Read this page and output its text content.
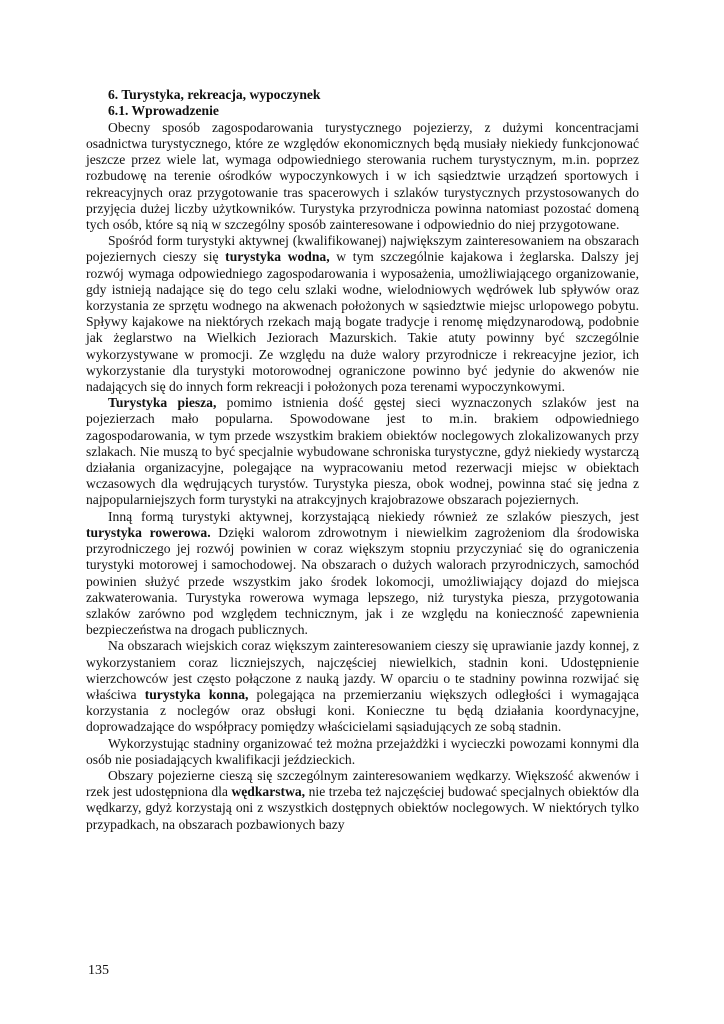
6. Turystyka, rekreacja, wypoczynek
6.1. Wprowadzenie

Obecny sposób zagospodarowania turystycznego pojezierzy, z dużymi koncentracjami osadnictwa turystycznego, które ze względów ekonomicznych będą musiały niekiedy funkcjonować jeszcze przez wiele lat, wymaga odpowiedniego sterowania ruchem turystycznym, m.in. poprzez rozbudowę na terenie ośrodków wypoczynkowych i w ich sąsiedztwie urządzeń sportowych i rekreacyjnych oraz przygotowanie tras spacerowych i szlaków turystycznych przystosowanych do przyjęcia dużej liczby użytkowników. Turystyka przyrodnicza powinna natomiast pozostać domeną tych osób, które są nią w szczególny sposób zainteresowane i odpowiednio do niej przygotowane.

Spośród form turystyki aktywnej (kwalifikowanej) największym zainteresowaniem na obszarach pojeziernych cieszy się turystyka wodna, w tym szczególnie kajakowa i żeglarska. Dalszy jej rozwój wymaga odpowiedniego zagospodarowania i wyposażenia, umożliwiającego organizowanie, gdy istnieją nadające się do tego celu szlaki wodne, wielodniowych wędrówek lub spływów oraz korzystania ze sprzętu wodnego na akwenach położonych w sąsiedztwie miejsc urlopowego pobytu. Spływy kajakowe na niektórych rzekach mają bogate tradycje i renomę międzynarodową, podobnie jak żeglarstwo na Wielkich Jeziorach Mazurskich. Takie atuty powinny być szczególnie wykorzystywane w promocji. Ze względu na duże walory przyrodnicze i rekreacyjne jezior, ich wykorzystanie dla turystyki motorowodnej ograniczone powinno być jedynie do akwenów nie nadających się do innych form rekreacji i położonych poza terenami wypoczynkowymi.

Turystyka piesza, pomimo istnienia dość gęstej sieci wyznaczonych szlaków jest na pojezierzach mało popularna. Spowodowane jest to m.in. brakiem odpowiedniego zagospodarowania, w tym przede wszystkim brakiem obiektów noclegowych zlokalizowanych przy szlakach. Nie muszą to być specjalnie wybudowane schroniska turystyczne, gdyż niekiedy wystarczą działania organizacyjne, polegające na wypracowaniu metod rezerwacji miejsc w obiektach wczasowych dla wędrujących turystów. Turystyka piesza, obok wodnej, powinna stać się jedna z najpopularniejszych form turystyki na atrakcyjnych krajobrazowe obszarach pojeziernych.

Inną formą turystyki aktywnej, korzystającą niekiedy również ze szlaków pieszych, jest turystyka rowerowa. Dzięki walorom zdrowotnym i niewielkim zagrożeniom dla środowiska przyrodniczego jej rozwój powinien w coraz większym stopniu przyczyniać się do ograniczenia turystyki motorowej i samochodowej. Na obszarach o dużych walorach przyrodniczych, samochód powinien służyć przede wszystkim jako środek lokomocji, umożliwiający dojazd do miejsca zakwaterowania. Turystyka rowerowa wymaga lepszego, niż turystyka piesza, przygotowania szlaków zarówno pod względem technicznym, jak i ze względu na konieczność zapewnienia bezpieczeństwa na drogach publicznych.

Na obszarach wiejskich coraz większym zainteresowaniem cieszy się uprawianie jazdy konnej, z wykorzystaniem coraz liczniejszych, najczęściej niewielkich, stadnin koni. Udostępnienie wierzchowców jest często połączone z nauką jazdy. W oparciu o te stadniny powinna rozwijać się właściwa turystyka konna, polegająca na przemierzaniu większych odległości i wymagająca korzystania z noclegów oraz obsługi koni. Konieczne tu będą działania koordynacyjne, doprowadzające do współpracy pomiędzy właścicielami sąsiadujących ze sobą stadnin.

Wykorzystując stadniny organizować też można przejażdżki i wycieczki powozami konnymi dla osób nie posiadających kwalifikacji jeździeckich.

Obszary pojezierne cieszą się szczególnym zainteresowaniem wędkarzy. Większość akwenów i rzek jest udostępniona dla wędkarstwa, nie trzeba też najczęściej budować specjalnych obiektów dla wędkarzy, gdyż korzystają oni z wszystkich dostępnych obiektów noclegowych. W niektórych tylko przypadkach, na obszarach pozbawionych bazy

135
